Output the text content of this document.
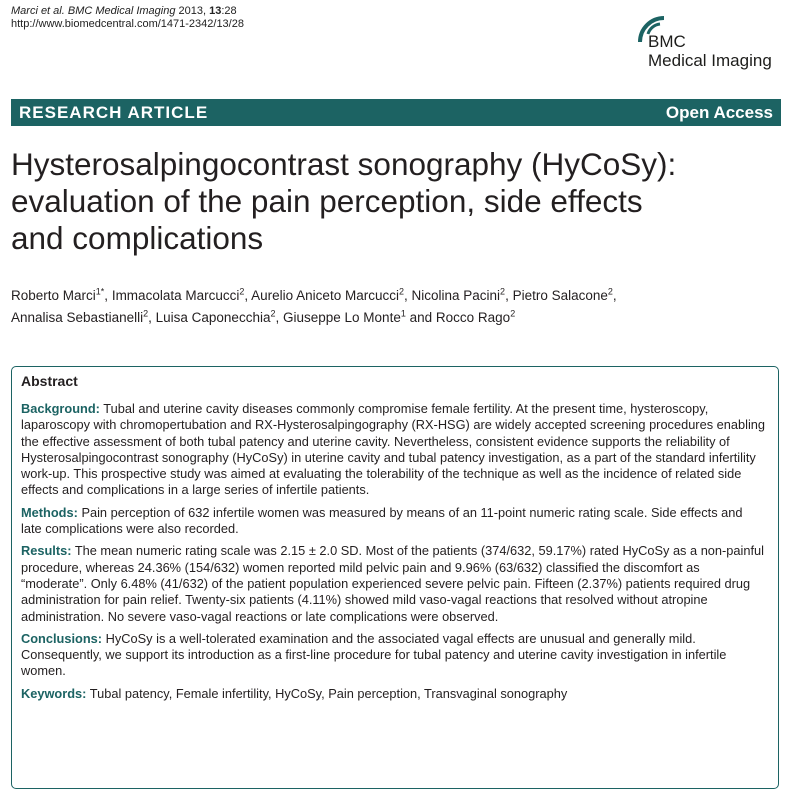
Marci et al. BMC Medical Imaging 2013, 13:28
http://www.biomedcentral.com/1471-2342/13/28
BMC
Medical Imaging
RESEARCH ARTICLE	Open Access
Hysterosalpingocontrast sonography (HyCoSy):
evaluation of the pain perception, side effects
and complications
Roberto Marci$^{1*}$, Immacolata Marcucci$^2$, Aurelio Aniceto Marcucci$^2$, Nicolina Pacini$^2$, Pietro Salacone$^2$,
Annalisa Sebastianelli$^2$, Luisa Caponecchia$^2$, Giuseppe Lo Monte$^1$ and Rocco Rago$^2$
Abstract

Background: Tubal and uterine cavity diseases commonly compromise female fertility. At the present time, hysteroscopy, laparoscopy with chromopertubation and RX-Hysterosalpingography (RX-HSG) are widely accepted screening procedures enabling the effective assessment of both tubal patency and uterine cavity. Nevertheless, consistent evidence supports the reliability of Hysterosalpingocontrast sonography (HyCoSy) in uterine cavity and tubal patency investigation, as a part of the standard infertility work-up. This prospective study was aimed at evaluating the tolerability of the technique as well as the incidence of related side effects and complications in a large series of infertile patients.

Methods: Pain perception of 632 infertile women was measured by means of an 11-point numeric rating scale. Side effects and late complications were also recorded.

Results: The mean numeric rating scale was 2.15 ± 2.0 SD. Most of the patients (374/632, 59.17%) rated HyCoSy as a non-painful procedure, whereas 24.36% (154/632) women reported mild pelvic pain and 9.96% (63/632) classified the discomfort as “moderate”. Only 6.48% (41/632) of the patient population experienced severe pelvic pain. Fifteen (2.37%) patients required drug administration for pain relief. Twenty-six patients (4.11%) showed mild vaso-vagal reactions that resolved without atropine administration. No severe vaso-vagal reactions or late complications were observed.

Conclusions: HyCoSy is a well-tolerated examination and the associated vagal effects are unusual and generally mild. Consequently, we support its introduction as a first-line procedure for tubal patency and uterine cavity investigation in infertile women.

Keywords: Tubal patency, Female infertility, HyCoSy, Pain perception, Transvaginal sonography
